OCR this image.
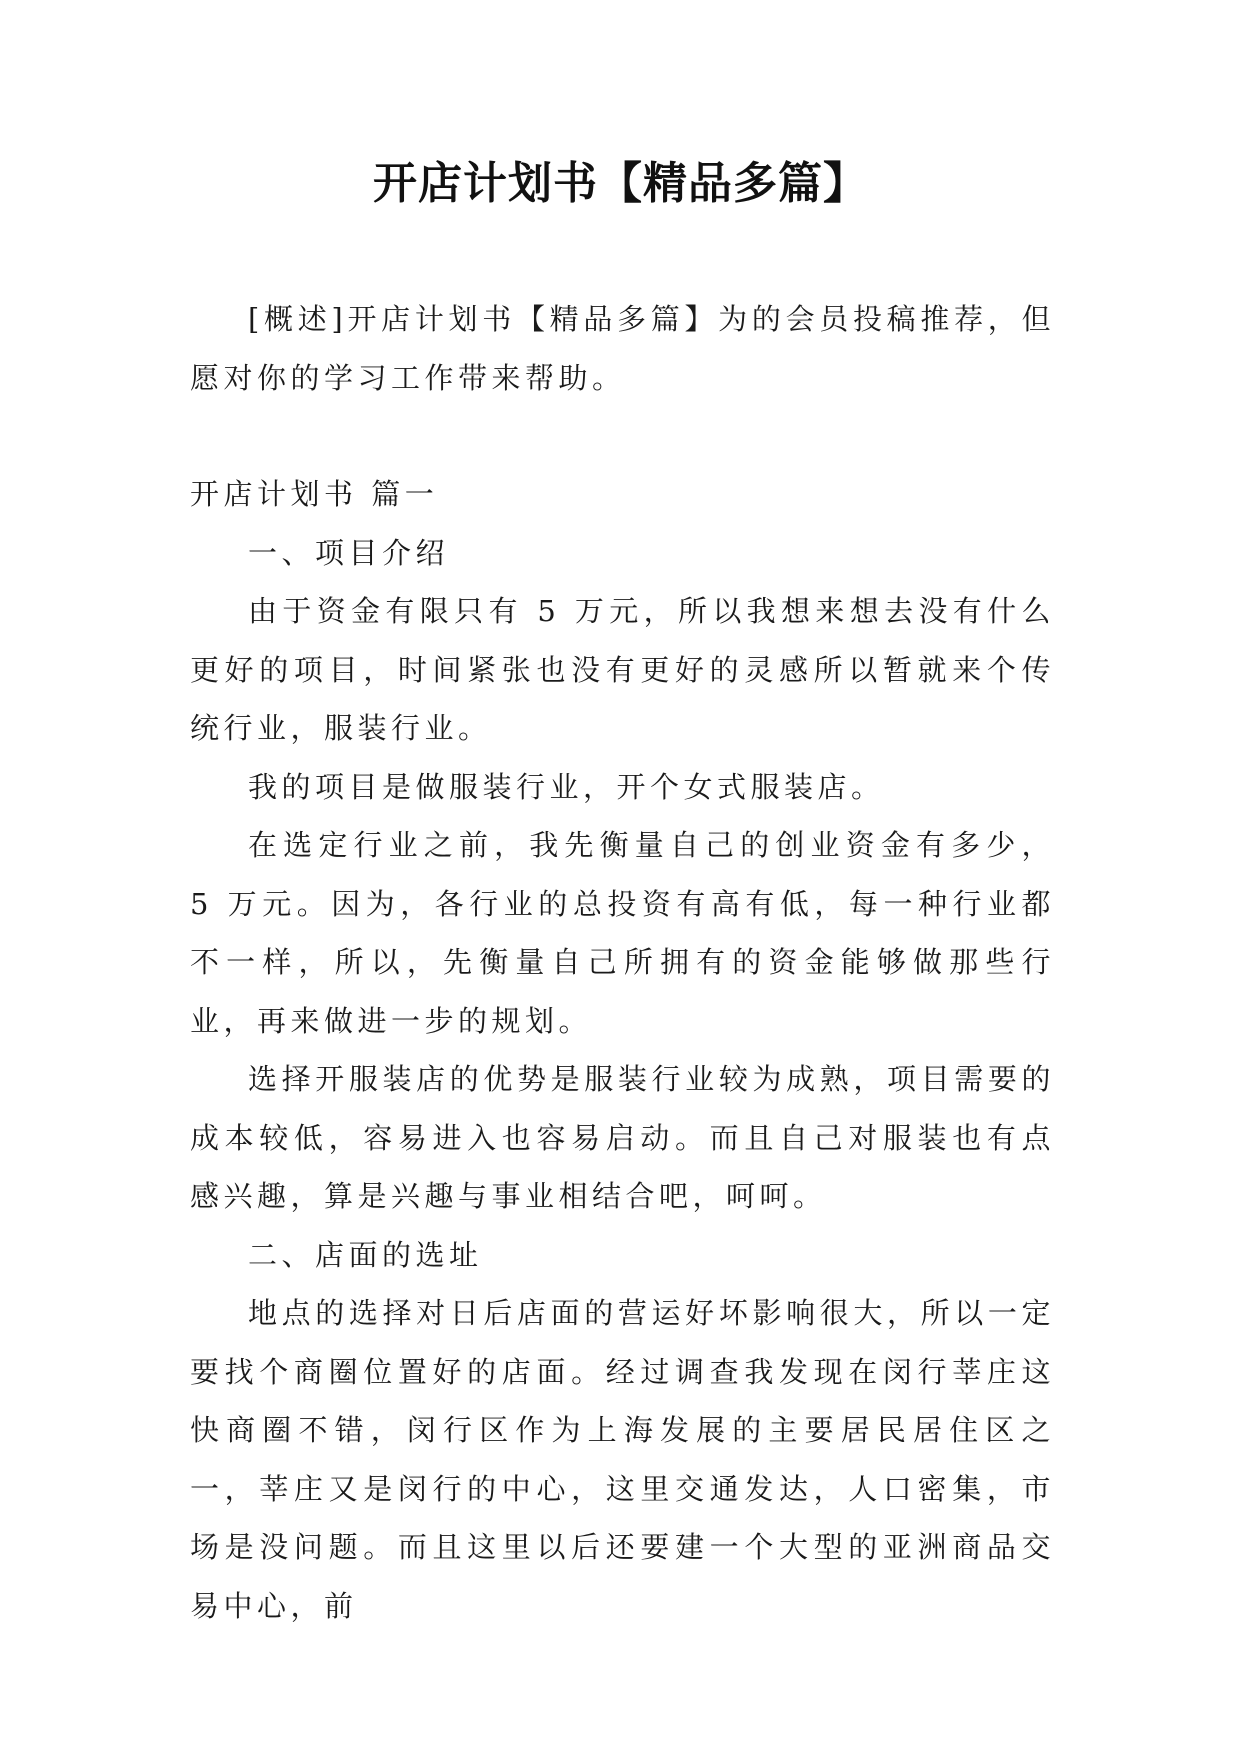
开店计划书【精品多篇】

[概述]开店计划书【精品多篇】为的会员投稿推荐，但愿对你的学习工作带来帮助。

开店计划书 篇一

一、项目介绍

由于资金有限只有 5 万元，所以我想来想去没有什么更好的项目，时间紧张也没有更好的灵感所以暂就来个传统行业，服装行业。

我的项目是做服装行业，开个女式服装店。

在选定行业之前，我先衡量自己的创业资金有多少， 5 万元。因为，各行业的总投资有高有低，每一种行业都不一样，所以，先衡量自己所拥有的资金能够做那些行业，再来做进一步的规划。

选择开服装店的优势是服装行业较为成熟，项目需要的成本较低，容易进入也容易启动。而且自己对服装也有点感兴趣，算是兴趣与事业相结合吧，呵呵。

二、店面的选址

地点的选择对日后店面的营运好坏影响很大，所以一定要找个商圈位置好的店面。经过调查我发现在闵行莘庄这快商圈不错，闵行区作为上海发展的主要居民居住区之一，莘庄又是闵行的中心，这里交通发达，人口密集，市场是没问题。而且这里以后还要建一个大型的亚洲商品交易中心，前
